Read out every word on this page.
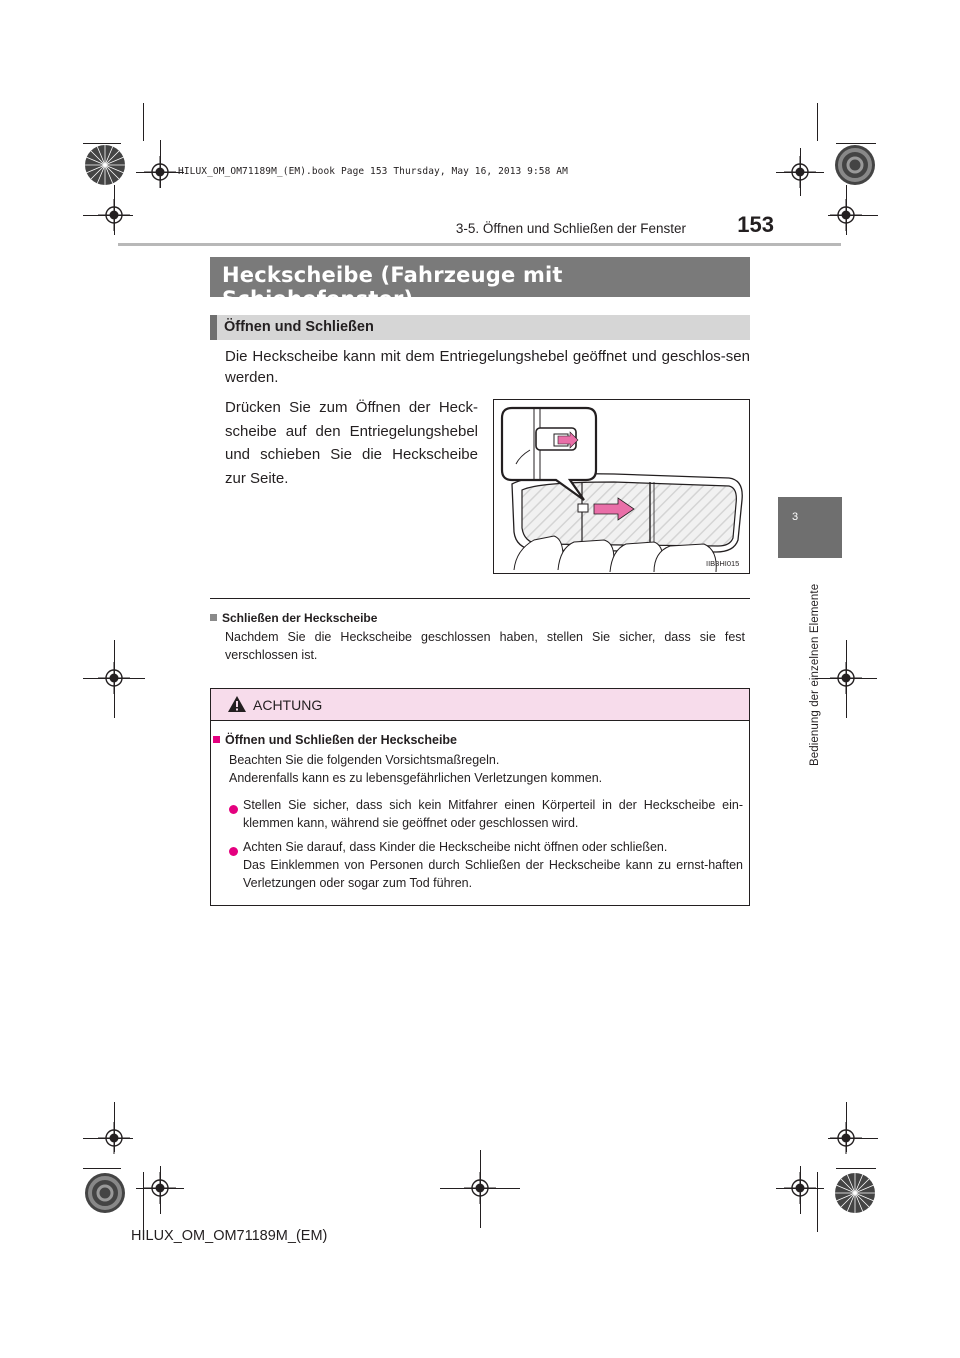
HILUX_OM_OM71189M_(EM).book Page 153 Thursday, May 16, 2013 9:58 AM
3-5. Öffnen und Schließen der Fenster	153
3
Bedienung der einzelnen Elemente
Heckscheibe (Fahrzeuge mit Schiebefenster)
Öffnen und Schließen
Die Heckscheibe kann mit dem Entriegelungshebel geöffnet und geschlos-sen werden.
Drücken Sie zum Öffnen der Heck-scheibe auf den Entriegelungshebel und schieben Sie die Heckscheibe zur Seite.
IIB3HI015
Schließen der Heckscheibe
Nachdem Sie die Heckscheibe geschlossen haben, stellen Sie sicher, dass sie fest verschlossen ist.
ACHTUNG
Öffnen und Schließen der Heckscheibe
Beachten Sie die folgenden Vorsichtsmaßregeln.
Anderenfalls kann es zu lebensgefährlichen Verletzungen kommen.
Stellen Sie sicher, dass sich kein Mitfahrer einen Körperteil in der Heckscheibe ein-klemmen kann, während sie geöffnet oder geschlossen wird.
Achten Sie darauf, dass Kinder die Heckscheibe nicht öffnen oder schließen.
Das Einklemmen von Personen durch Schließen der Heckscheibe kann zu ernst-haften Verletzungen oder sogar zum Tod führen.
HILUX_OM_OM71189M_(EM)
